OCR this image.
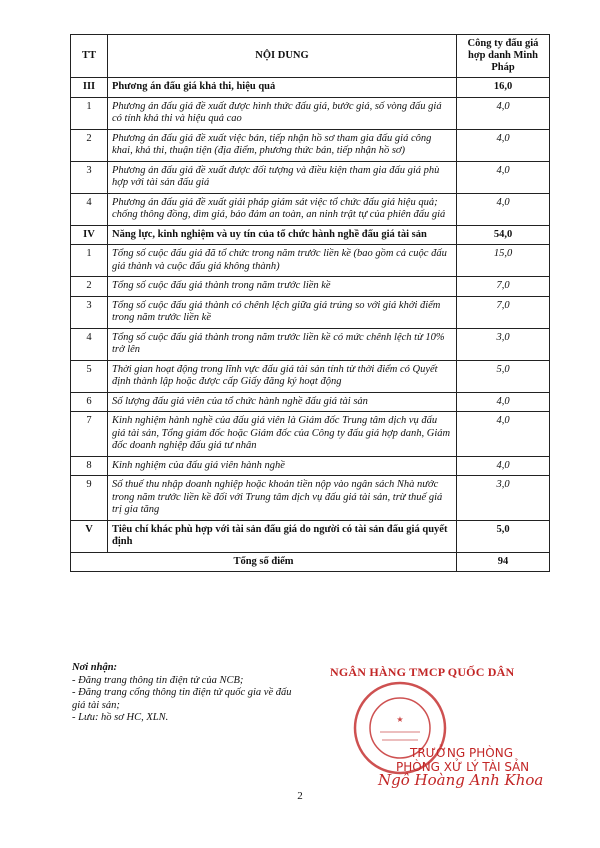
TT	NỘI DUNG	Công ty đấu giá hợp danh Minh Pháp
III	Phương án đấu giá khả thi, hiệu quả	16,0
1	Phương án đấu giá đề xuất được hình thức đấu giá, bước giá, số vòng đấu giá có tính khả thi và hiệu quả cao	4,0
2	Phương án đấu giá đề xuất việc bán, tiếp nhận hồ sơ tham gia đấu giá công khai, khả thi, thuận tiện (địa điểm, phương thức bán, tiếp nhận hồ sơ)	4,0
3	Phương án đấu giá đề xuất được đối tượng và điều kiện tham gia đấu giá phù hợp với tài sản đấu giá	4,0
4	Phương án đấu giá đề xuất giải pháp giám sát việc tổ chức đấu giá hiệu quả; chống thông đồng, dìm giá, bảo đảm an toàn, an ninh trật tự của phiên đấu giá	4,0
IV	Năng lực, kinh nghiệm và uy tín của tổ chức hành nghề đấu giá tài sản	54,0
1	Tổng số cuộc đấu giá đã tổ chức trong năm trước liền kề (bao gồm cả cuộc đấu giá thành và cuộc đấu giá không thành)	15,0
2	Tổng số cuộc đấu giá thành trong năm trước liền kề	7,0
3	Tổng số cuộc đấu giá thành có chênh lệch giữa giá trúng so với giá khởi điểm trong năm trước liền kề	7,0
4	Tổng số cuộc đấu giá thành trong năm trước liền kề có mức chênh lệch từ 10% trở lên	3,0
5	Thời gian hoạt động trong lĩnh vực đấu giá tài sản tính từ thời điểm có Quyết định thành lập hoặc được cấp Giấy đăng ký hoạt động	5,0
6	Số lượng đấu giá viên của tổ chức hành nghề đấu giá tài sản	4,0
7	Kinh nghiệm hành nghề của đấu giá viên là Giám đốc Trung tâm dịch vụ đấu giá tài sản, Tổng giám đốc hoặc Giám đốc của Công ty đấu giá hợp danh, Giám đốc doanh nghiệp đấu giá tư nhân	4,0
8	Kinh nghiệm của đấu giá viên hành nghề	4,0
9	Số thuế thu nhập doanh nghiệp hoặc khoản tiền nộp vào ngân sách Nhà nước trong năm trước liền kề đối với Trung tâm dịch vụ đấu giá tài sản, trừ thuế giá trị gia tăng	3,0
V	Tiêu chí khác phù hợp với tài sản đấu giá do người có tài sản đấu giá quyết định	5,0
Tổng số điểm		94
Nơi nhận:
- Đăng trang thông tin điện tử của NCB;
- Đăng trang cổng thông tin điện tử quốc gia về đấu giá tài sản;
- Lưu: hồ sơ HC, XLN.
NGÂN HÀNG TMCP QUỐC DÂN
★
TRƯỞNG PHÒNG
PHÒNG XỬ LÝ TÀI SẢN
Ngô Hoàng Anh Khoa
2
